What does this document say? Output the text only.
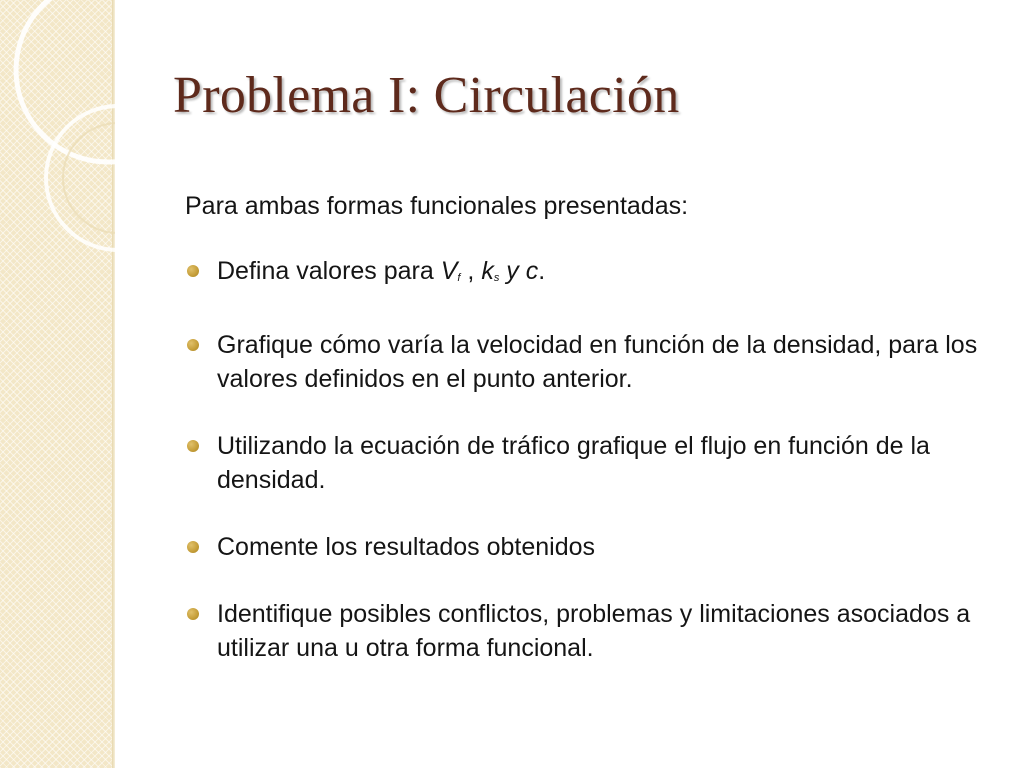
Problema I: Circulación

Para ambas formas funcionales presentadas:

Defina valores para Vf , ks y c.
Grafique cómo varía la velocidad en función de la densidad, para los valores definidos en el punto anterior.
Utilizando la ecuación de tráfico grafique el flujo en función de la densidad.
Comente los resultados obtenidos
Identifique posibles conflictos, problemas y limitaciones asociados a utilizar una u otra forma funcional.
